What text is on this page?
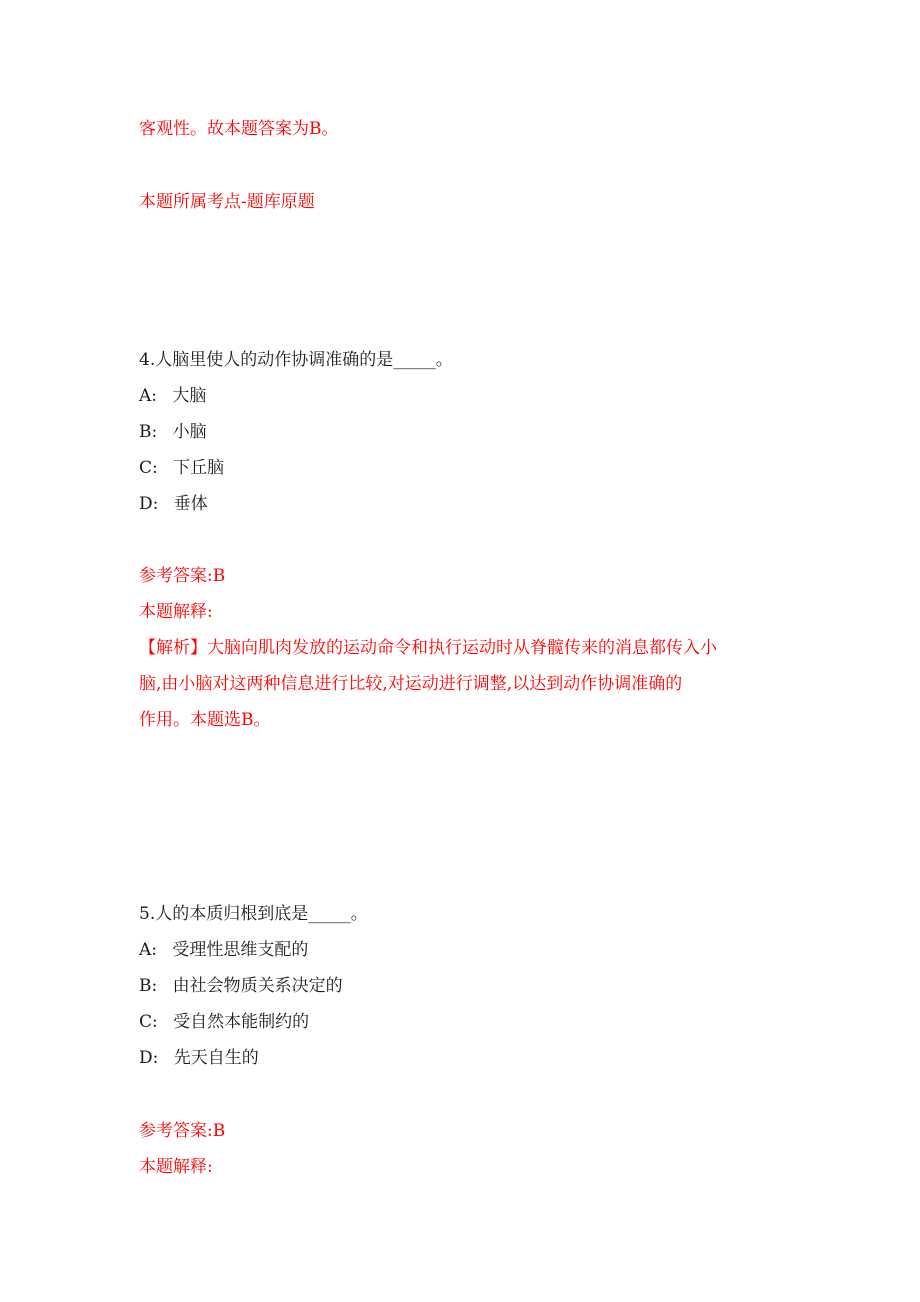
客观性。故本题答案为B。
本题所属考点-题库原题
4.人脑里使人的动作协调准确的是_____。
A: 大脑
B: 小脑
C: 下丘脑
D: 垂体
参考答案:B
本题解释:
【解析】大脑向肌肉发放的运动命令和执行运动时从脊髋传来的消息都传入小
脑,由小脑对这两种信息进行比较,对运动进行调整,以达到动作协调准确的
作用。本题选B。
5.人的本质归根到底是_____。
A: 受理性思维支配的
B: 由社会物质关系决定的
C: 受自然本能制约的
D: 先天自生的
参考答案:B
本题解释:
